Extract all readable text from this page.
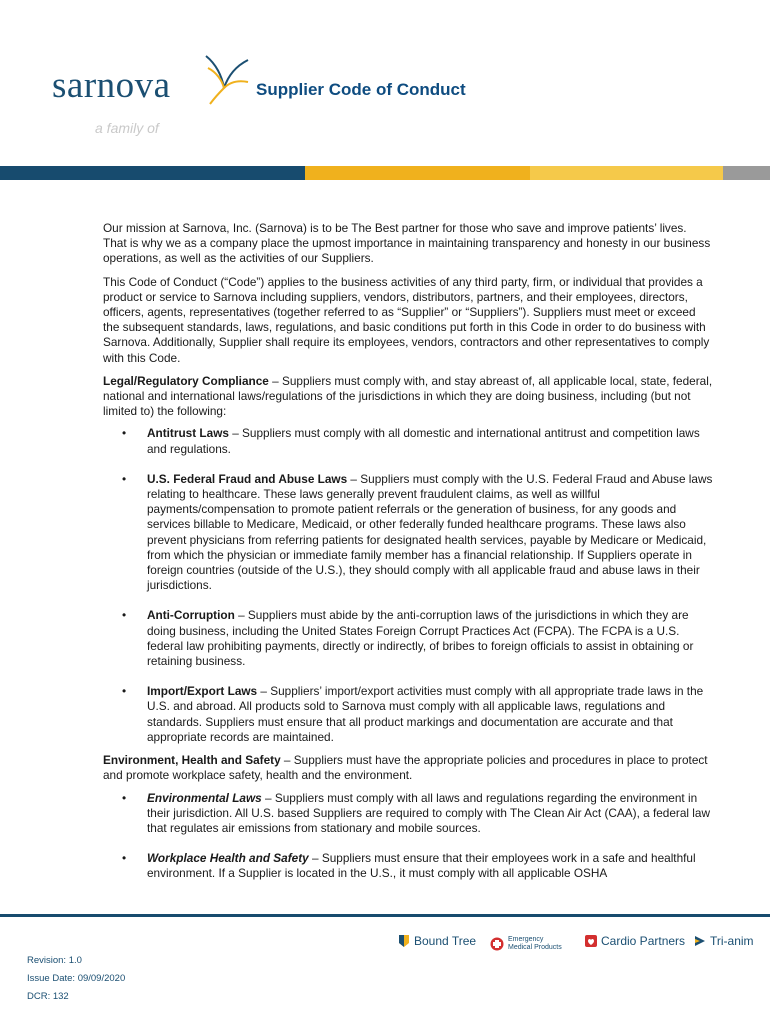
sarnova	Supplier Code of Conduct
a family of

Our mission at Sarnova, Inc. (Sarnova) is to be The Best partner for those who save and improve patients’ lives. That is why we as a company place the upmost importance in maintaining transparency and honesty in our business operations, as well as the activities of our Suppliers.

This Code of Conduct (“Code”) applies to the business activities of any third party, firm, or individual that provides a product or service to Sarnova including suppliers, vendors, distributors, partners, and their employees, directors, officers, agents, representatives (together referred to as “Supplier” or “Suppliers”). Suppliers must meet or exceed the subsequent standards, laws, regulations, and basic conditions put forth in this Code in order to do business with Sarnova. Additionally, Supplier shall require its employees, vendors, contractors and other representatives to comply with this Code.

Legal/Regulatory Compliance – Suppliers must comply with, and stay abreast of, all applicable local, state, federal, national and international laws/regulations of the jurisdictions in which they are doing business, including (but not limited to) the following:

• Antitrust Laws – Suppliers must comply with all domestic and international antitrust and competition laws and regulations.
• U.S. Federal Fraud and Abuse Laws – Suppliers must comply with the U.S. Federal Fraud and Abuse laws relating to healthcare. These laws generally prevent fraudulent claims, as well as willful payments/compensation to promote patient referrals or the generation of business, for any goods and services billable to Medicare, Medicaid, or other federally funded healthcare programs. These laws also prevent physicians from referring patients for designated health services, payable by Medicare or Medicaid, from which the physician or immediate family member has a financial relationship. If Suppliers operate in foreign countries (outside of the U.S.), they should comply with all applicable fraud and abuse laws in their jurisdictions.
• Anti-Corruption – Suppliers must abide by the anti-corruption laws of the jurisdictions in which they are doing business, including the United States Foreign Corrupt Practices Act (FCPA). The FCPA is a U.S. federal law prohibiting payments, directly or indirectly, of bribes to foreign officials to assist in obtaining or retaining business.
• Import/Export Laws – Suppliers’ import/export activities must comply with all appropriate trade laws in the U.S. and abroad. All products sold to Sarnova must comply with all applicable laws, regulations and standards. Suppliers must ensure that all product markings and documentation are accurate and that appropriate records are maintained.

Environment, Health and Safety – Suppliers must have the appropriate policies and procedures in place to protect and promote workplace safety, health and the environment.

• Environmental Laws – Suppliers must comply with all laws and regulations regarding the environment in their jurisdiction. All U.S. based Suppliers are required to comply with The Clean Air Act (CAA), a federal law that regulates air emissions from stationary and mobile sources.
• Workplace Health and Safety – Suppliers must ensure that their employees work in a safe and healthful environment. If a Supplier is located in the U.S., it must comply with all applicable OSHA
Revision: 1.0
Issue Date: 09/09/2020
DCR: 132
Bound Tree	Emergency
Medical Products	Cardio Partners Tri-anim
